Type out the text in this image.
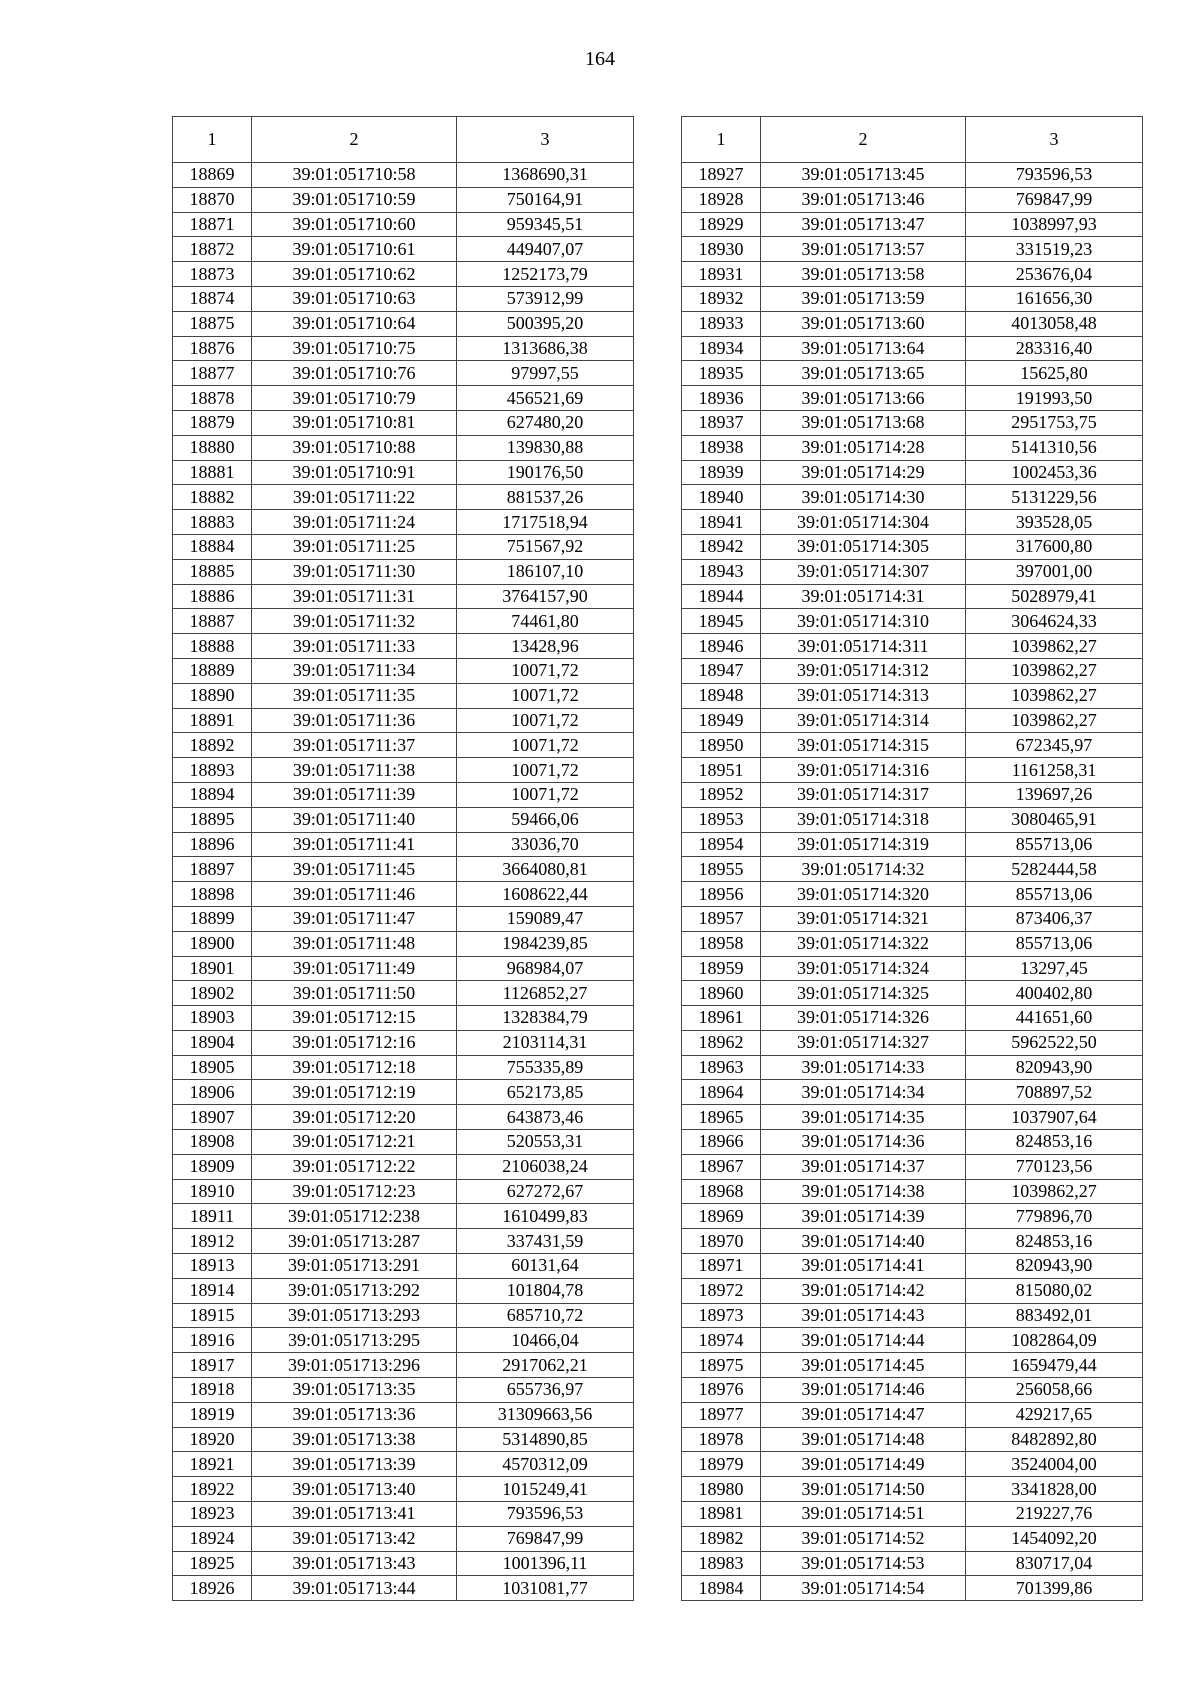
164
1	2	3
18869	39:01:051710:58	1368690,31
18870	39:01:051710:59	750164,91
18871	39:01:051710:60	959345,51
18872	39:01:051710:61	449407,07
18873	39:01:051710:62	1252173,79
18874	39:01:051710:63	573912,99
18875	39:01:051710:64	500395,20
18876	39:01:051710:75	1313686,38
18877	39:01:051710:76	97997,55
18878	39:01:051710:79	456521,69
18879	39:01:051710:81	627480,20
18880	39:01:051710:88	139830,88
18881	39:01:051710:91	190176,50
18882	39:01:051711:22	881537,26
18883	39:01:051711:24	1717518,94
18884	39:01:051711:25	751567,92
18885	39:01:051711:30	186107,10
18886	39:01:051711:31	3764157,90
18887	39:01:051711:32	74461,80
18888	39:01:051711:33	13428,96
18889	39:01:051711:34	10071,72
18890	39:01:051711:35	10071,72
18891	39:01:051711:36	10071,72
18892	39:01:051711:37	10071,72
18893	39:01:051711:38	10071,72
18894	39:01:051711:39	10071,72
18895	39:01:051711:40	59466,06
18896	39:01:051711:41	33036,70
18897	39:01:051711:45	3664080,81
18898	39:01:051711:46	1608622,44
18899	39:01:051711:47	159089,47
18900	39:01:051711:48	1984239,85
18901	39:01:051711:49	968984,07
18902	39:01:051711:50	1126852,27
18903	39:01:051712:15	1328384,79
18904	39:01:051712:16	2103114,31
18905	39:01:051712:18	755335,89
18906	39:01:051712:19	652173,85
18907	39:01:051712:20	643873,46
18908	39:01:051712:21	520553,31
18909	39:01:051712:22	2106038,24
18910	39:01:051712:23	627272,67
18911	39:01:051712:238	1610499,83
18912	39:01:051713:287	337431,59
18913	39:01:051713:291	60131,64
18914	39:01:051713:292	101804,78
18915	39:01:051713:293	685710,72
18916	39:01:051713:295	10466,04
18917	39:01:051713:296	2917062,21
18918	39:01:051713:35	655736,97
18919	39:01:051713:36	31309663,56
18920	39:01:051713:38	5314890,85
18921	39:01:051713:39	4570312,09
18922	39:01:051713:40	1015249,41
18923	39:01:051713:41	793596,53
18924	39:01:051713:42	769847,99
18925	39:01:051713:43	1001396,11
18926	39:01:051713:44	1031081,77
1	2	3
18927	39:01:051713:45	793596,53
18928	39:01:051713:46	769847,99
18929	39:01:051713:47	1038997,93
18930	39:01:051713:57	331519,23
18931	39:01:051713:58	253676,04
18932	39:01:051713:59	161656,30
18933	39:01:051713:60	4013058,48
18934	39:01:051713:64	283316,40
18935	39:01:051713:65	15625,80
18936	39:01:051713:66	191993,50
18937	39:01:051713:68	2951753,75
18938	39:01:051714:28	5141310,56
18939	39:01:051714:29	1002453,36
18940	39:01:051714:30	5131229,56
18941	39:01:051714:304	393528,05
18942	39:01:051714:305	317600,80
18943	39:01:051714:307	397001,00
18944	39:01:051714:31	5028979,41
18945	39:01:051714:310	3064624,33
18946	39:01:051714:311	1039862,27
18947	39:01:051714:312	1039862,27
18948	39:01:051714:313	1039862,27
18949	39:01:051714:314	1039862,27
18950	39:01:051714:315	672345,97
18951	39:01:051714:316	1161258,31
18952	39:01:051714:317	139697,26
18953	39:01:051714:318	3080465,91
18954	39:01:051714:319	855713,06
18955	39:01:051714:32	5282444,58
18956	39:01:051714:320	855713,06
18957	39:01:051714:321	873406,37
18958	39:01:051714:322	855713,06
18959	39:01:051714:324	13297,45
18960	39:01:051714:325	400402,80
18961	39:01:051714:326	441651,60
18962	39:01:051714:327	5962522,50
18963	39:01:051714:33	820943,90
18964	39:01:051714:34	708897,52
18965	39:01:051714:35	1037907,64
18966	39:01:051714:36	824853,16
18967	39:01:051714:37	770123,56
18968	39:01:051714:38	1039862,27
18969	39:01:051714:39	779896,70
18970	39:01:051714:40	824853,16
18971	39:01:051714:41	820943,90
18972	39:01:051714:42	815080,02
18973	39:01:051714:43	883492,01
18974	39:01:051714:44	1082864,09
18975	39:01:051714:45	1659479,44
18976	39:01:051714:46	256058,66
18977	39:01:051714:47	429217,65
18978	39:01:051714:48	8482892,80
18979	39:01:051714:49	3524004,00
18980	39:01:051714:50	3341828,00
18981	39:01:051714:51	219227,76
18982	39:01:051714:52	1454092,20
18983	39:01:051714:53	830717,04
18984	39:01:051714:54	701399,86
